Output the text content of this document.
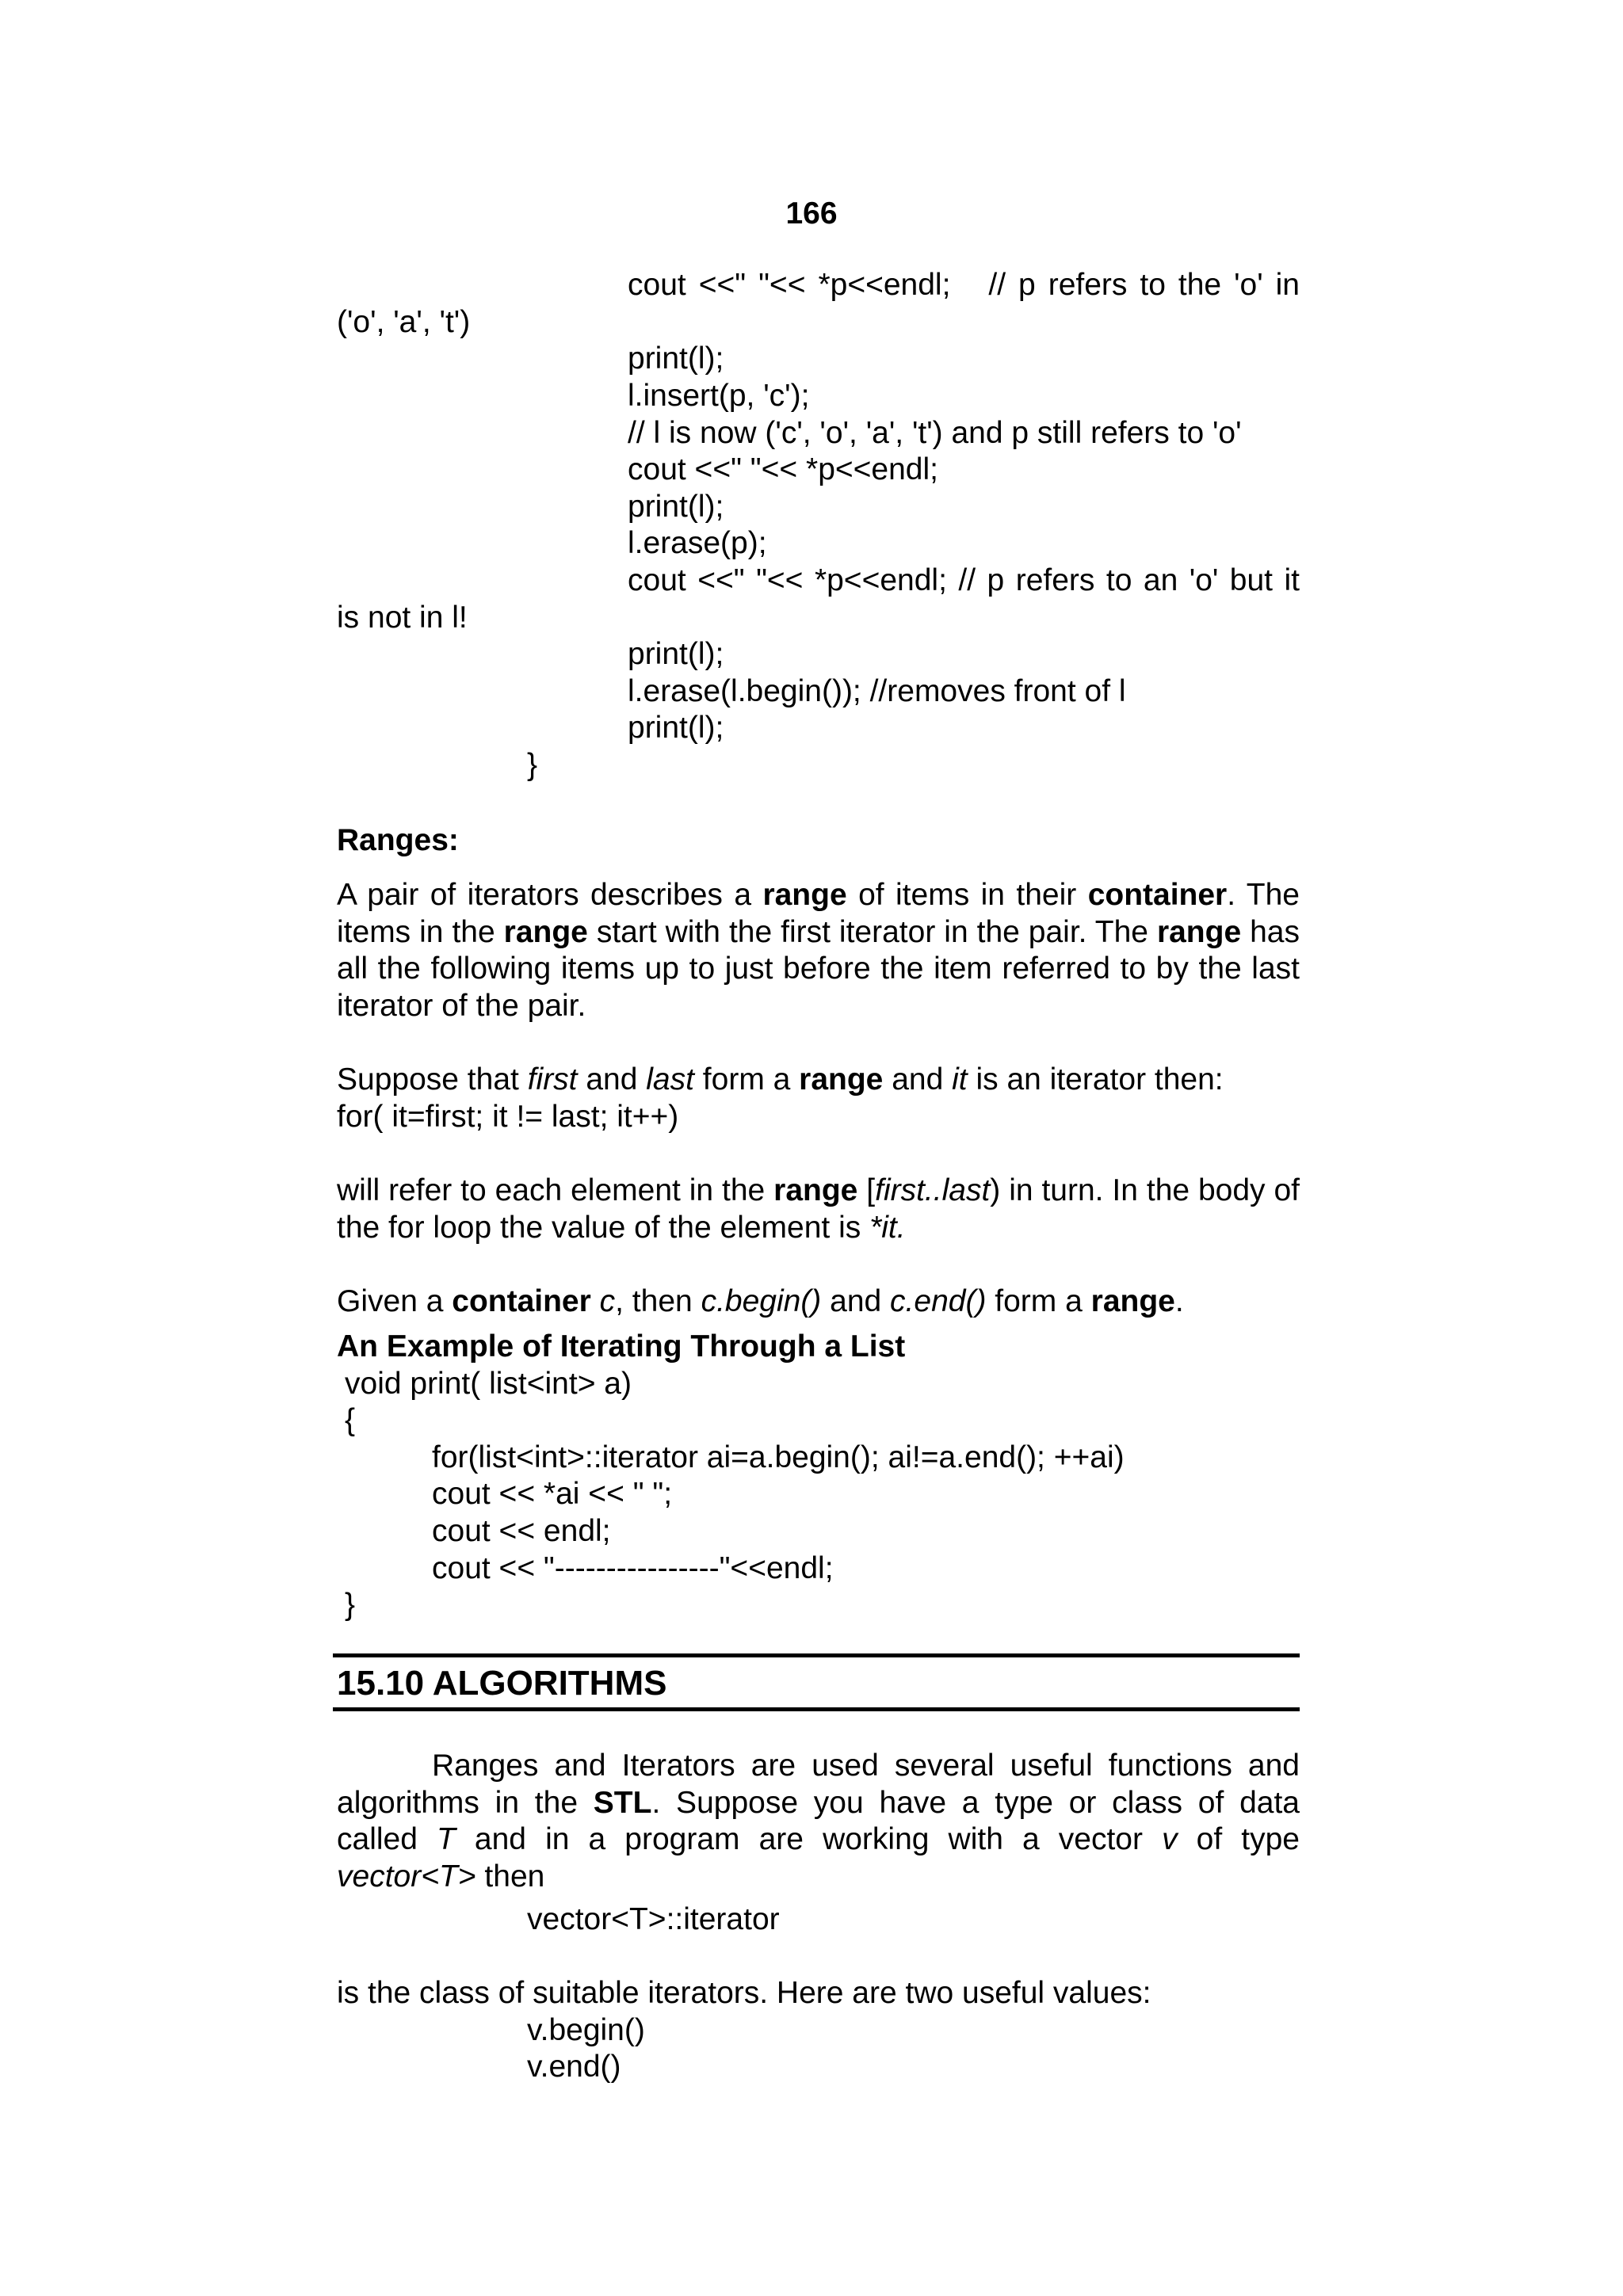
166
cout <<" "<< *p<<endl;   // p refers to the 'o' in
('o', 'a', 't')
print(l);
l.insert(p, 'c');
// l is now ('c', 'o', 'a', 't') and p still refers to 'o'
cout <<" "<< *p<<endl;
print(l);
l.erase(p);
cout <<" "<< *p<<endl; // p refers to an 'o' but it
is not in l!
print(l);
l.erase(l.begin()); //removes front of l
print(l);
}
Ranges:
A pair of iterators describes a range of items in their container. The items in the range start with the first iterator in the pair. The range has all the following items up to just before the item referred to by the last iterator of the pair.
Suppose that first and last form a range and it is an iterator then:
for( it=first; it != last; it++)
will refer to each element in the range [first..last) in turn. In the body of the for loop the value of the element is *it.
Given a container c, then c.begin() and c.end() form a range.
An Example of Iterating Through a List
void print( list<int> a)
{
for(list<int>::iterator ai=a.begin(); ai!=a.end(); ++ai)
cout << *ai << " ";
cout << endl;
cout << "----------------"<<endl;
}
15.10 ALGORITHMS
Ranges and Iterators are used several useful functions and algorithms in the STL. Suppose you have a type or class of data called T and in a program are working with a vector v of type vector<T> then
vector<T>::iterator
is the class of suitable iterators. Here are two useful values:
v.begin()
v.end()
